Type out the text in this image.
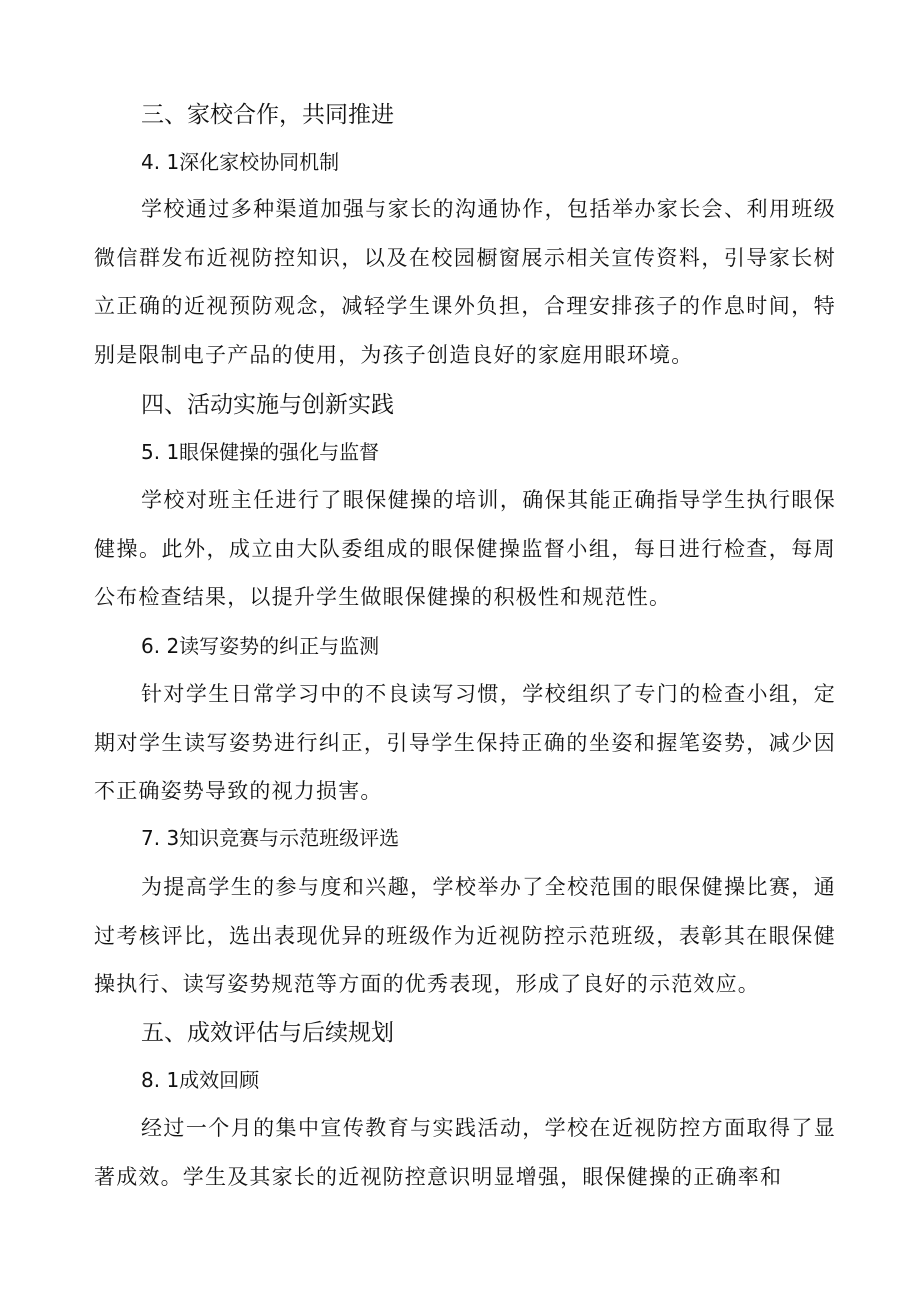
三、家校合作，共同推进
4. 1深化家校协同机制

学校通过多种渠道加强与家长的沟通协作，包括举办家长会、利用班级微信群发布近视防控知识，以及在校园橱窗展示相关宣传资料，引导家长树立正确的近视预防观念，减轻学生课外负担，合理安排孩子的作息时间，特别是限制电子产品的使用，为孩子创造良好的家庭用眼环境。

四、活动实施与创新实践
5. 1眼保健操的强化与监督

学校对班主任进行了眼保健操的培训，确保其能正确指导学生执行眼保健操。此外，成立由大队委组成的眼保健操监督小组，每日进行检查，每周公布检查结果，以提升学生做眼保健操的积极性和规范性。

6. 2读写姿势的纠正与监测

针对学生日常学习中的不良读写习惯，学校组织了专门的检查小组，定期对学生读写姿势进行纠正，引导学生保持正确的坐姿和握笔姿势，减少因不正确姿势导致的视力损害。

7. 3知识竞赛与示范班级评选

为提高学生的参与度和兴趣，学校举办了全校范围的眼保健操比赛，通过考核评比，选出表现优异的班级作为近视防控示范班级，表彰其在眼保健操执行、读写姿势规范等方面的优秀表现，形成了良好的示范效应。

五、成效评估与后续规划
8. 1成效回顾

经过一个月的集中宣传教育与实践活动，学校在近视防控方面取得了显著成效。学生及其家长的近视防控意识明显增强，眼保健操的正确率和
